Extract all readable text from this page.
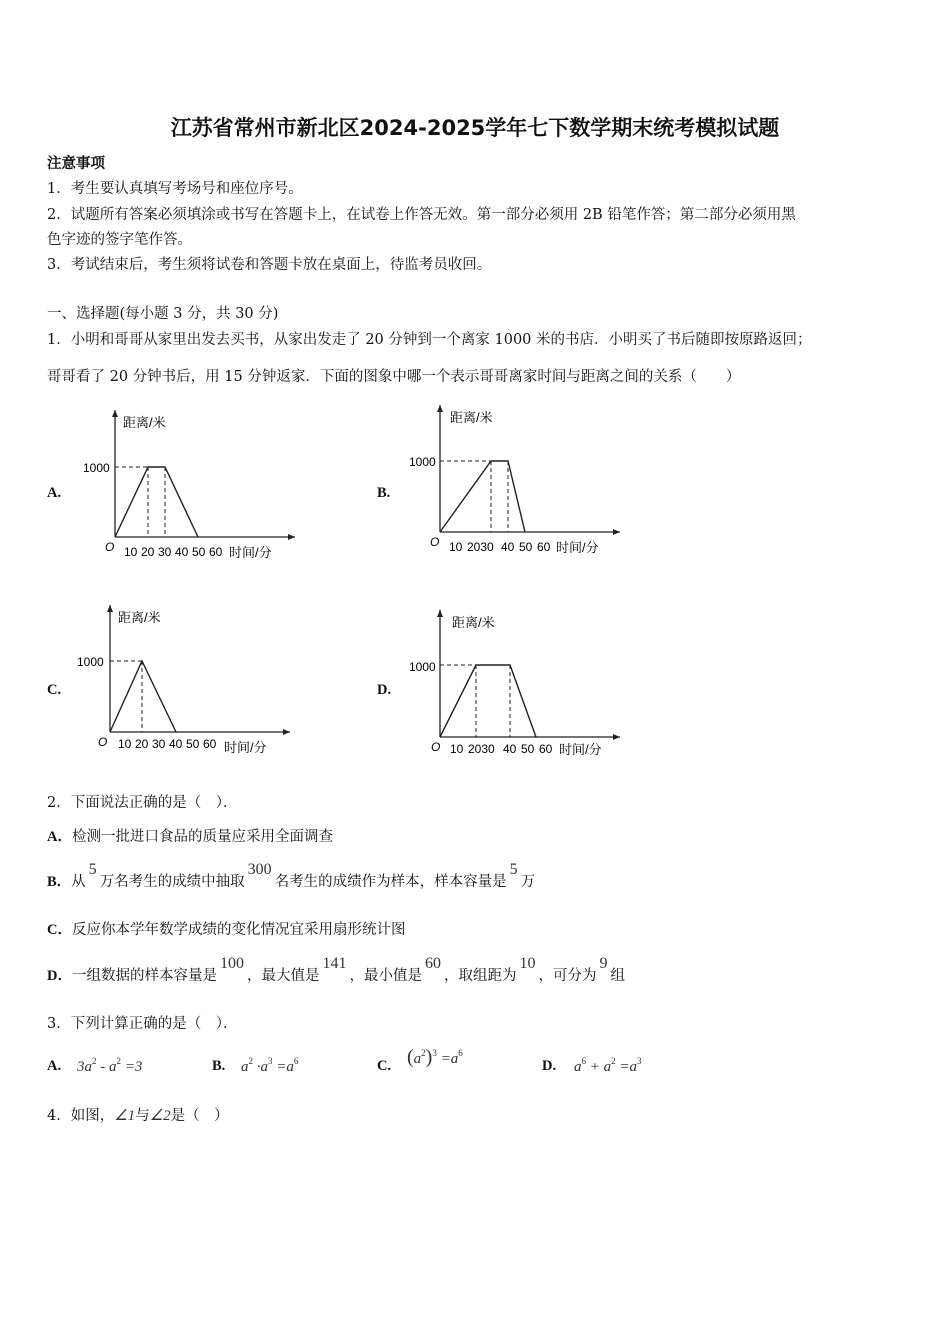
江苏省常州市新北区2024-2025学年七下数学期末统考模拟试题
注意事项
1．考生要认真填写考场号和座位序号。
2．试题所有答案必须填涂或书写在答题卡上，在试卷上作答无效。第一部分必须用 2B 铅笔作答；第二部分必须用黑
色字迹的签字笔作答。
3．考试结束后，考生须将试卷和答题卡放在桌面上，待监考员收回。
一、选择题(每小题 3 分，共 30 分)
1．小明和哥哥从家里出发去买书，从家出发走了 20 分钟到一个离家 1000 米的书店．小明买了书后随即按原路返回；
哥哥看了 20 分钟书后，用 15 分钟返家．下面的图象中哪一个表示哥哥离家时间与距离之间的关系（　　）
A.	B.
C.	D.
距离/米
1000
O 10 20 30 40 50 60 时间/分
距离/米
1000
O 10 2030 40 50 60 时间/分
距离/米
1000
O 10 20 30 40 50 60 时间/分
距离/米
1000
O 10 2030 40 50 60 时间/分
2．下面说法正确的是（　）．
A．检测一批进口食品的质量应采用全面调查
B．从5万名考生的成绩中抽取300名考生的成绩作为样本，样本容量是5万
C．反应你本学年数学成绩的变化情况宜采用扇形统计图
D．一组数据的样本容量是100，最大值是141，最小值是60，取组距为10，可分为9组
3．下列计算正确的是（　）．
A. $3a^2 - a^2 =3$	B. $a^2 \cdot a^3 =a^6$	C. $(a^2)^3 =a^6$
D. $a^6 + a^2 =a^3$
4．如图，∠1与∠2是（　）
